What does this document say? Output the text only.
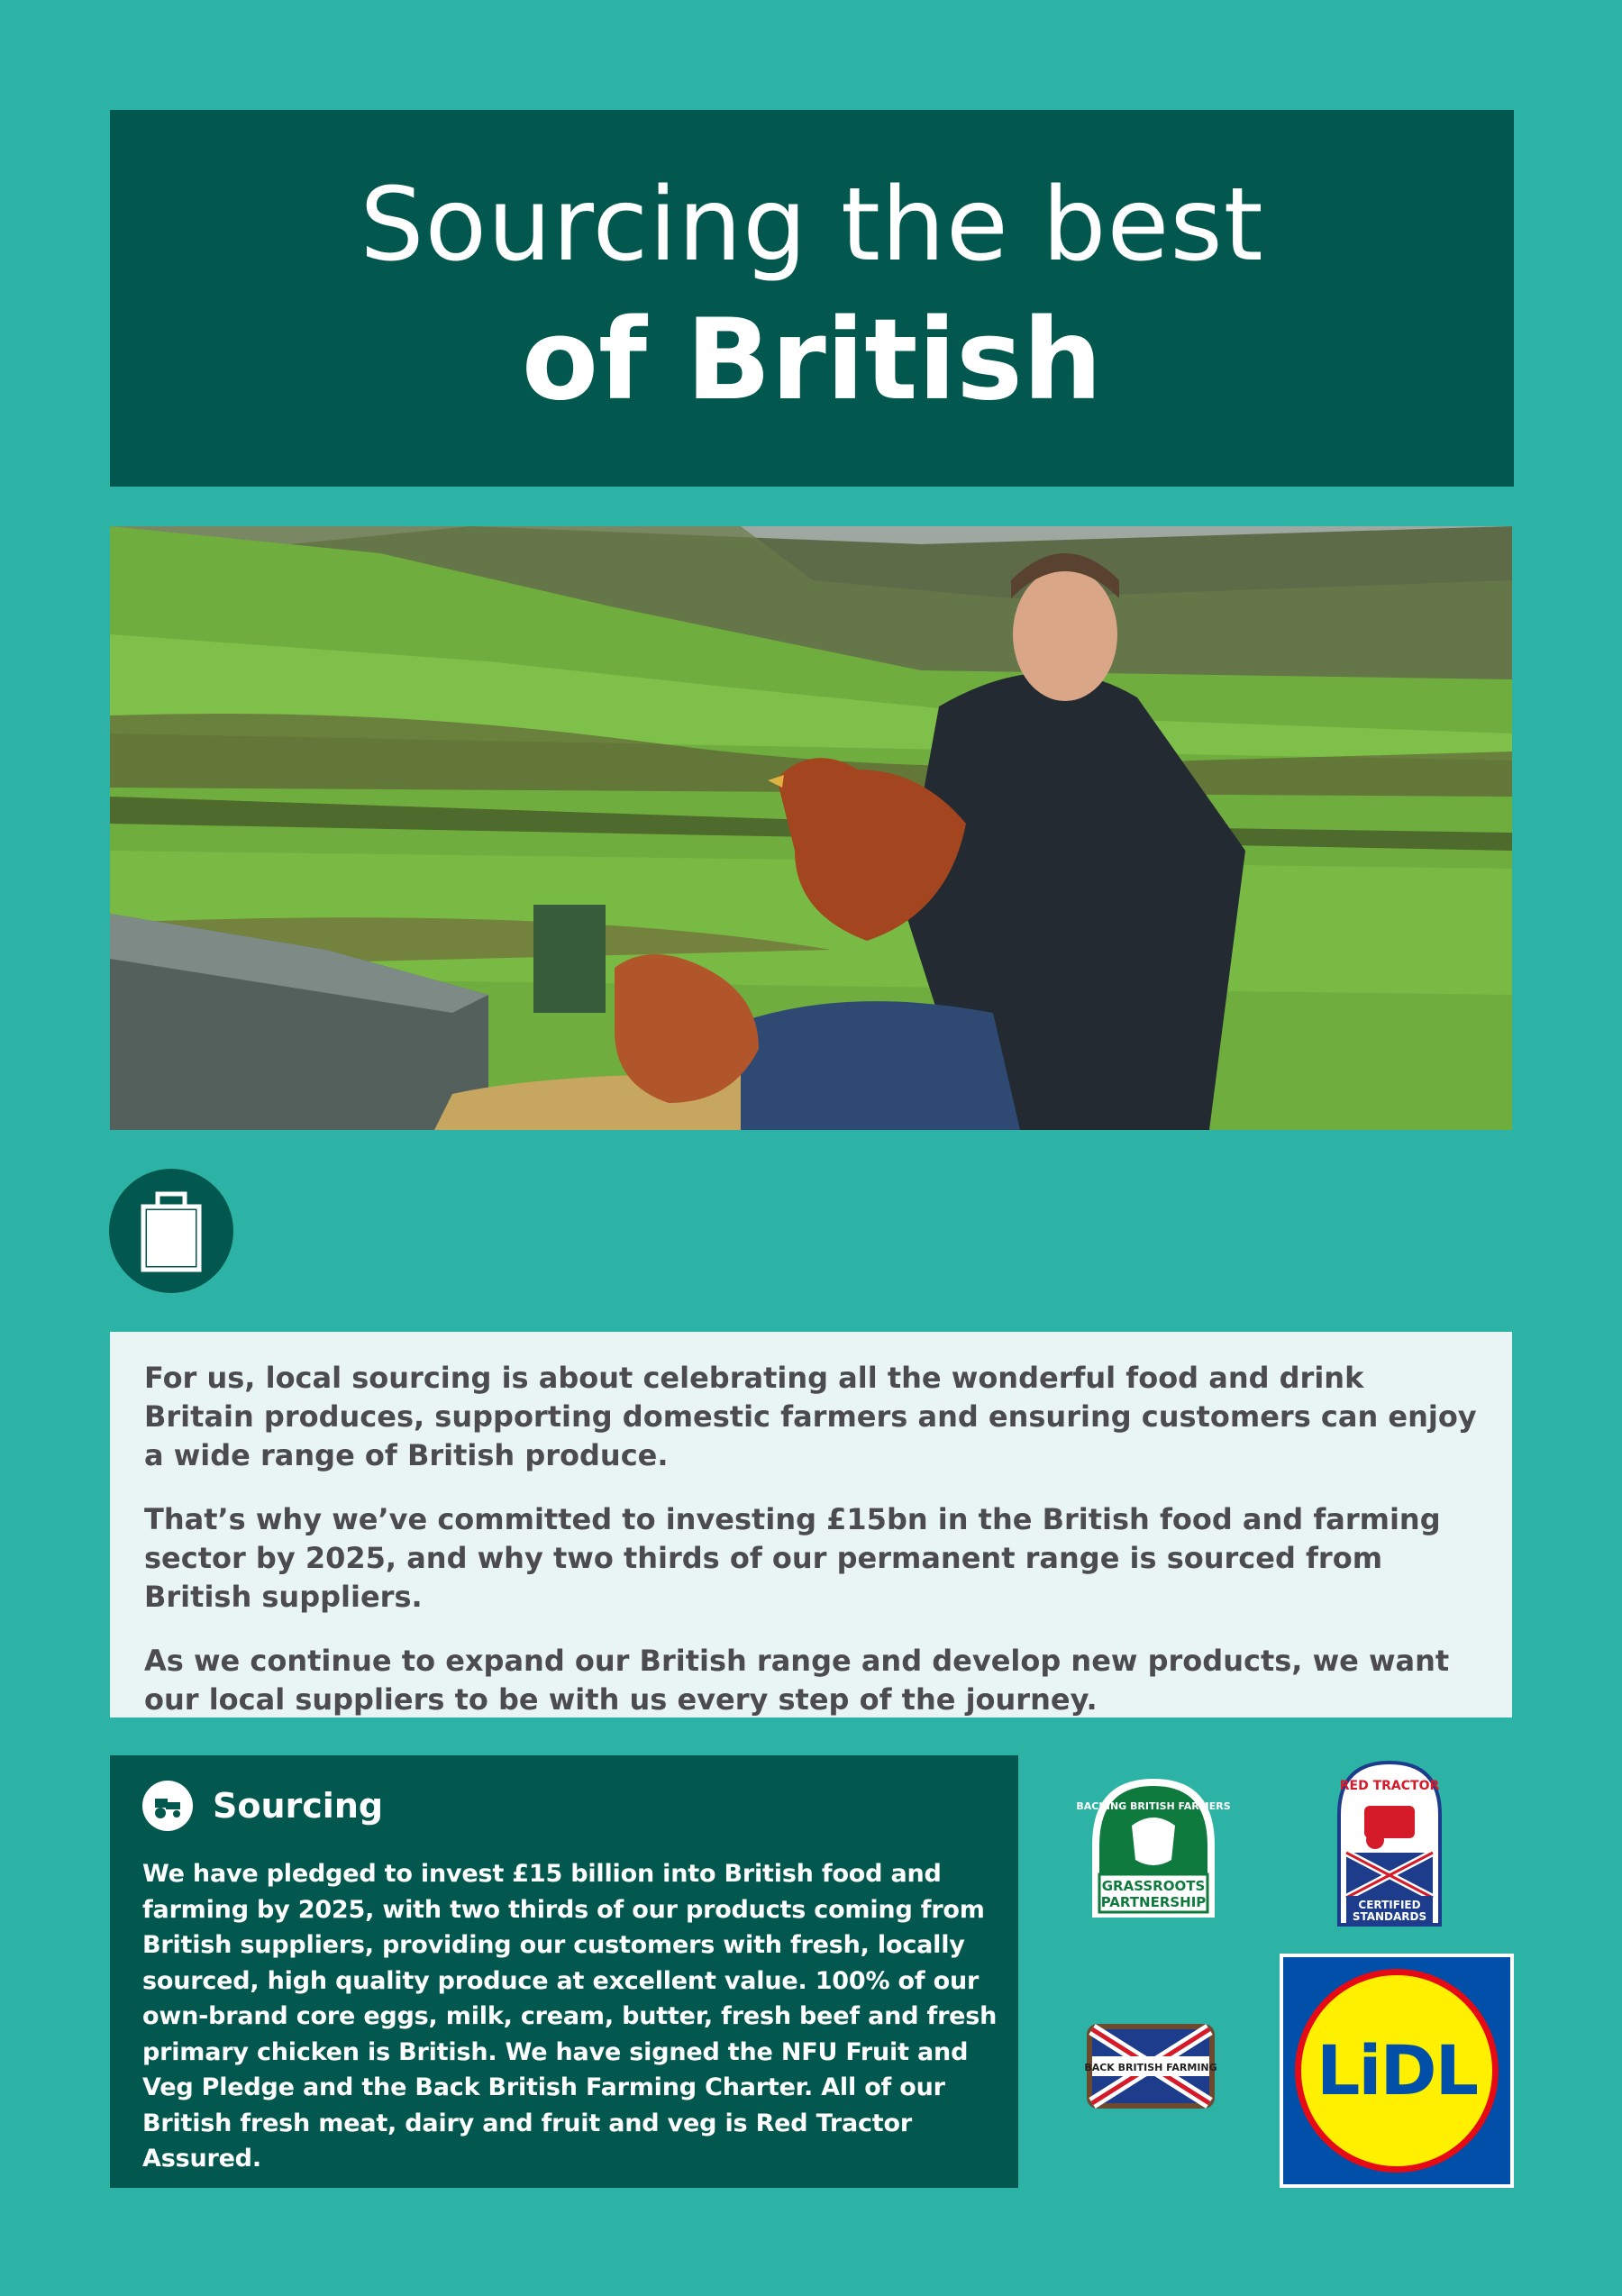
Sourcing the best
of British

For us, local sourcing is about celebrating all the wonderful food and drink Britain produces, supporting domestic farmers and ensuring customers can enjoy a wide range of British produce.

That’s why we’ve committed to investing £15bn in the British food and farming sector by 2025, and why two thirds of our permanent range is sourced from British suppliers.

As we continue to expand our British range and develop new products, we want our local suppliers to be with us every step of the journey.

Sourcing
We have pledged to invest £15 billion into British food and farming by 2025, with two thirds of our products coming from British suppliers, providing our customers with fresh, locally sourced, high quality produce at excellent value. 100% of our own-brand core eggs, milk, cream, butter, fresh beef and fresh primary chicken is British. We have signed the NFU Fruit and Veg Pledge and the Back British Farming Charter. All of our British fresh meat, dairy and fruit and veg is Red Tractor Assured.
BACKING BRITISH FARMERS
GRASSROOTS
PARTNERSHIP
RED TRACTOR
CERTIFIED
STANDARDS
BACK BRITISH FARMING LiDL
